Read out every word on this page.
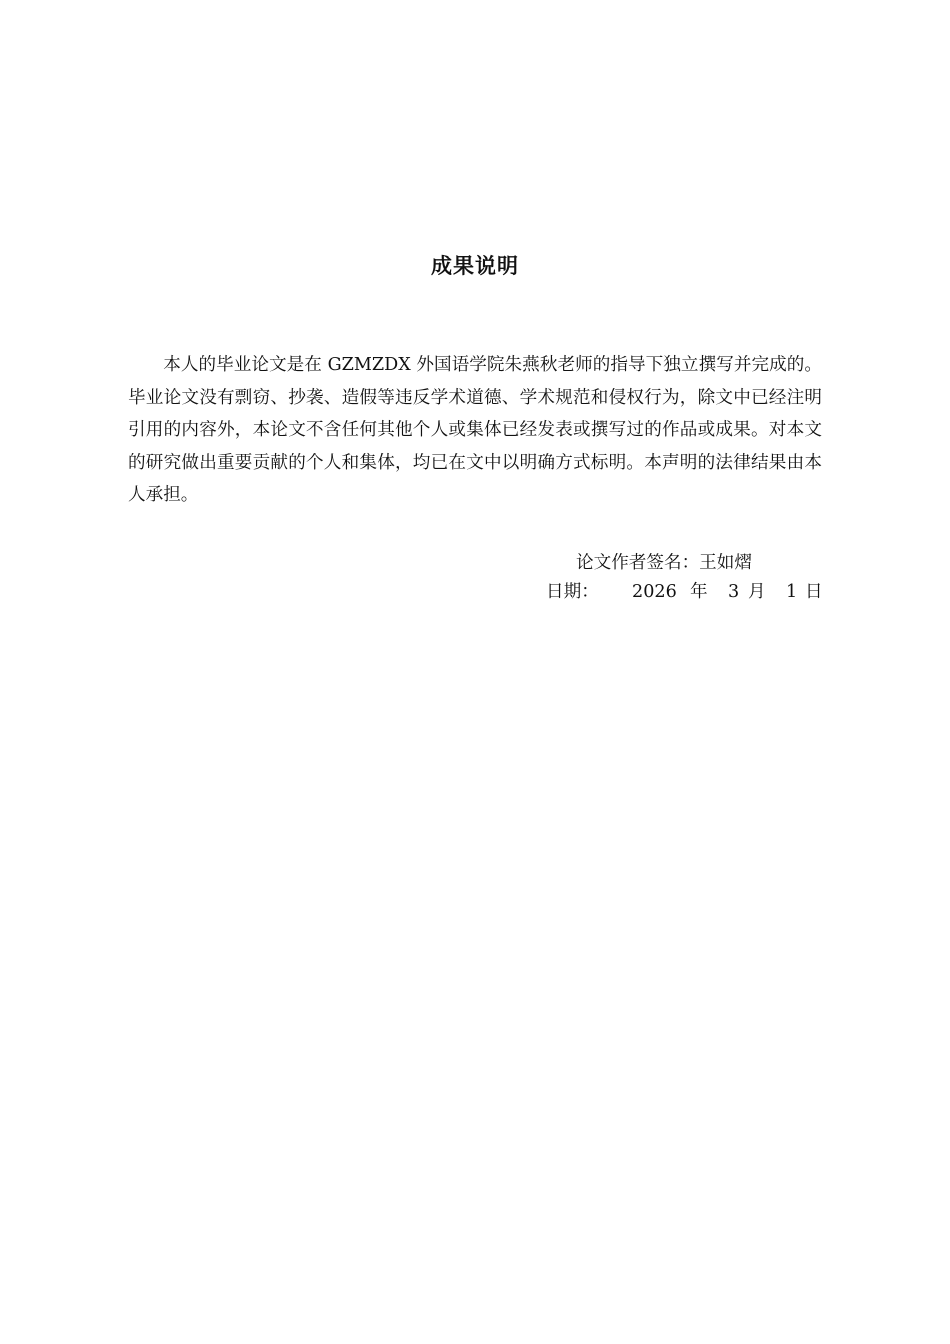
成果说明

本人的毕业论文是在 GZMZDX 外国语学院朱燕秋老师的指导下独立撰写并完成的。毕业论文没有剽窃、抄袭、造假等违反学术道德、学术规范和侵权行为，除文中已经注明引用的内容外，本论文不含任何其他个人或集体已经发表或撰写过的作品或成果。对本文的研究做出重要贡献的个人和集体，均已在文中以明确方式标明。本声明的法律结果由本人承担。

论文作者签名：王如熠
日期： 2026 年 3 月 1 日
